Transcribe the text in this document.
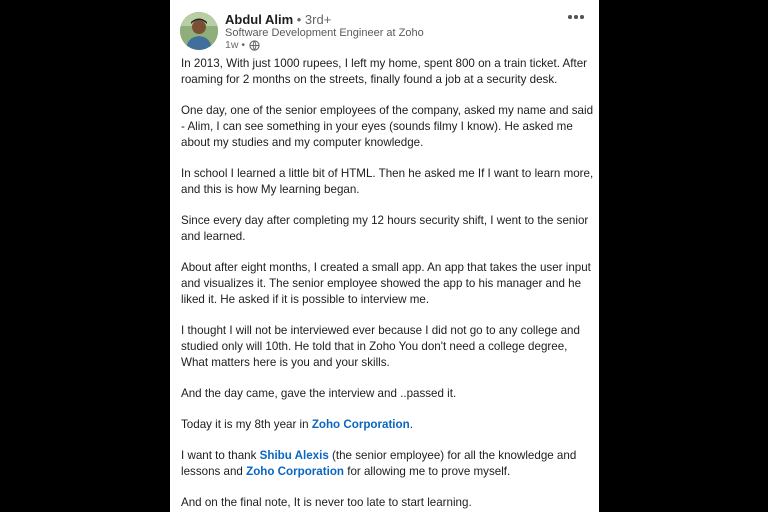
Abdul Alim • 3rd+
Software Development Engineer at Zoho
1w •

In 2013, With just 1000 rupees, I left my home, spent 800 on a train ticket. After
roaming for 2 months on the streets, finally found a job at a security desk.

One day, one of the senior employees of the company, asked my name and said
- Alim, I can see something in your eyes (sounds filmy I know). He asked me
about my studies and my computer knowledge.

In school I learned a little bit of HTML. Then he asked me If I want to learn more,
and this is how My learning began.

Since every day after completing my 12 hours security shift, I went to the senior
and learned.

About after eight months, I created a small app. An app that takes the user input
and visualizes it. The senior employee showed the app to his manager and he
liked it. He asked if it is possible to interview me.

I thought I will not be interviewed ever because I did not go to any college and
studied only will 10th. He told that in Zoho You don't need a college degree,
What matters here is you and your skills.

And the day came, gave the interview and ..passed it.

Today it is my 8th year in Zoho Corporation.

I want to thank Shibu Alexis (the senior employee) for all the knowledge and
lessons and Zoho Corporation for allowing me to prove myself.

And on the final note, It is never too late to start learning.
